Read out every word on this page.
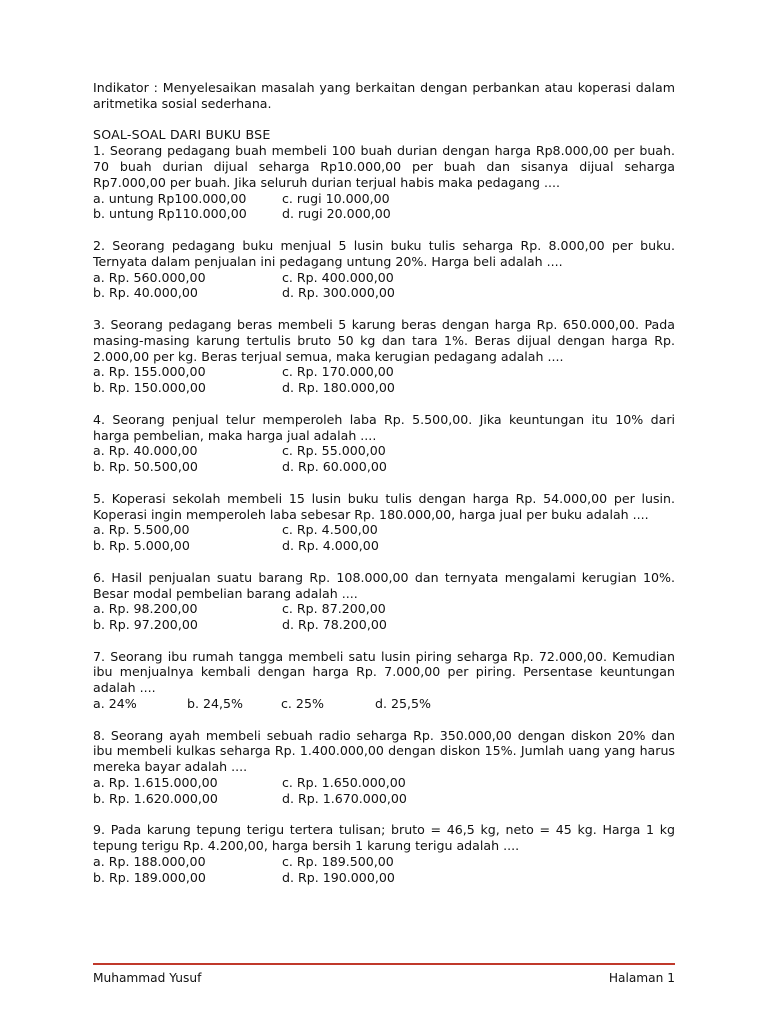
Indikator : Menyelesaikan masalah yang berkaitan dengan perbankan atau koperasi dalam aritmetika sosial sederhana.

SOAL-SOAL DARI BUKU BSE

1. Seorang pedagang buah membeli 100 buah durian dengan harga Rp8.000,00 per buah. 70 buah durian dijual seharga Rp10.000,00 per buah dan sisanya dijual seharga Rp7.000,00 per buah. Jika seluruh durian terjual habis maka pedagang ....

a. untung Rp100.000,00	c. rugi 10.000,00
b. untung Rp110.000,00	d. rugi 20.000,00

2. Seorang pedagang buku menjual 5 lusin buku tulis seharga Rp. 8.000,00 per buku. Ternyata dalam penjualan ini pedagang untung 20%. Harga beli adalah ....

a. Rp. 560.000,00	c. Rp. 400.000,00
b. Rp. 40.000,00	d. Rp. 300.000,00

3. Seorang pedagang beras membeli 5 karung beras dengan harga Rp. 650.000,00. Pada masing-masing karung tertulis bruto 50 kg dan tara 1%. Beras dijual dengan harga Rp. 2.000,00 per kg. Beras terjual semua, maka kerugian pedagang adalah ....

a. Rp. 155.000,00	c. Rp. 170.000,00
b. Rp. 150.000,00	d. Rp. 180.000,00

4. Seorang penjual telur memperoleh laba Rp. 5.500,00. Jika keuntungan itu 10% dari harga pembelian, maka harga jual adalah ....

a. Rp. 40.000,00	c. Rp. 55.000,00
b. Rp. 50.500,00	d. Rp. 60.000,00

5. Koperasi sekolah membeli 15 lusin buku tulis dengan harga Rp. 54.000,00 per lusin. Koperasi ingin memperoleh laba sebesar Rp. 180.000,00, harga jual per buku adalah ....

a. Rp. 5.500,00	c. Rp. 4.500,00
b. Rp. 5.000,00	d. Rp. 4.000,00

6. Hasil penjualan suatu barang Rp. 108.000,00 dan ternyata mengalami kerugian 10%. Besar modal pembelian barang adalah ....

a. Rp. 98.200,00	c. Rp. 87.200,00
b. Rp. 97.200,00	d. Rp. 78.200,00

7. Seorang ibu rumah tangga membeli satu lusin piring seharga Rp. 72.000,00. Kemudian ibu menjualnya kembali dengan harga Rp. 7.000,00 per piring. Persentase keuntungan adalah ....

a. 24%	b. 24,5%	c. 25%	d. 25,5%

8. Seorang ayah membeli sebuah radio seharga Rp. 350.000,00 dengan diskon 20% dan ibu membeli kulkas seharga Rp. 1.400.000,00 dengan diskon 15%. Jumlah uang yang harus mereka bayar adalah ....

a. Rp. 1.615.000,00	c. Rp. 1.650.000,00
b. Rp. 1.620.000,00	d. Rp. 1.670.000,00

9. Pada karung tepung terigu tertera tulisan; bruto = 46,5 kg, neto = 45 kg. Harga 1 kg tepung terigu Rp. 4.200,00, harga bersih 1 karung terigu adalah ....

a. Rp. 188.000,00	c. Rp. 189.500,00
b. Rp. 189.000,00	d. Rp. 190.000,00
Muhammad Yusuf	Halaman 1
